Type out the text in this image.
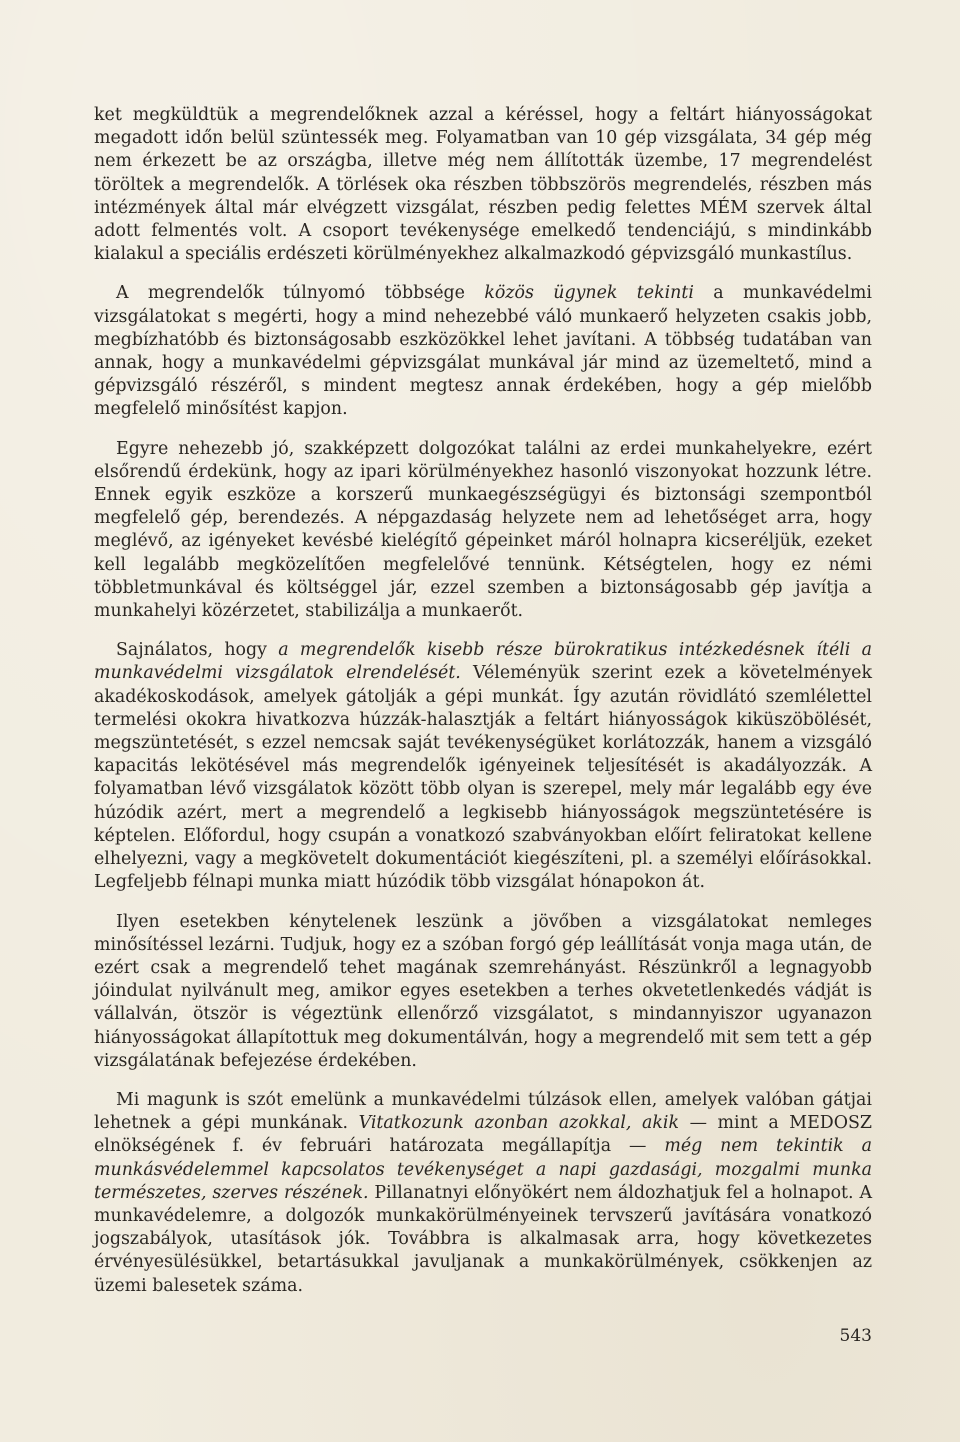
ket megküldtük a megrendelőknek azzal a kéréssel, hogy a feltárt hiányosságokat megadott időn belül szüntessék meg. Folyamatban van 10 gép vizsgálata, 34 gép még nem érkezett be az országba, illetve még nem állították üzembe, 17 megrendelést töröltek a megrendelők. A törlések oka részben többszörös megrendelés, részben más intézmények által már elvégzett vizsgálat, részben pedig felettes MÉM szervek által adott felmentés volt. A csoport tevékenysége emelkedő tendenciájú, s mindinkább kialakul a speciális erdészeti körülményekhez alkalmazkodó gépvizsgáló munkastílus.

A megrendelők túlnyomó többsége közös ügynek tekinti a munkavédelmi vizsgálatokat s megérti, hogy a mind nehezebbé váló munkaerő helyzeten csakis jobb, megbízhatóbb és biztonságosabb eszközökkel lehet javítani. A többség tudatában van annak, hogy a munkavédelmi gépvizsgálat munkával jár mind az üzemeltető, mind a gépvizsgáló részéről, s mindent megtesz annak érdekében, hogy a gép mielőbb megfelelő minősítést kapjon.

Egyre nehezebb jó, szakképzett dolgozókat találni az erdei munkahelyekre, ezért elsőrendű érdekünk, hogy az ipari körülményekhez hasonló viszonyokat hozzunk létre. Ennek egyik eszköze a korszerű munkaegészségügyi és biztonsági szempontból megfelelő gép, berendezés. A népgazdaság helyzete nem ad lehetőséget arra, hogy meglévő, az igényeket kevésbé kielégítő gépeinket máról holnapra kicseréljük, ezeket kell legalább megközelítően megfelelővé tennünk. Kétségtelen, hogy ez némi többletmunkával és költséggel jár, ezzel szemben a biztonságosabb gép javítja a munkahelyi közérzetet, stabilizálja a munkaerőt.

Sajnálatos, hogy a megrendelők kisebb része bürokratikus intézkedésnek ítéli a munkavédelmi vizsgálatok elrendelését. Véleményük szerint ezek a követelmények akadékoskodások, amelyek gátolják a gépi munkát. Így azután rövidlátó szemlélettel termelési okokra hivatkozva húzzák-halasztják a feltárt hiányosságok kiküszöbölését, megszüntetését, s ezzel nemcsak saját tevékenységüket korlátozzák, hanem a vizsgáló kapacitás lekötésével más megrendelők igényeinek teljesítését is akadályozzák. A folyamatban lévő vizsgálatok között több olyan is szerepel, mely már legalább egy éve húzódik azért, mert a megrendelő a legkisebb hiányosságok megszüntetésére is képtelen. Előfordul, hogy csupán a vonatkozó szabványokban előírt feliratokat kellene elhelyezni, vagy a megkövetelt dokumentációt kiegészíteni, pl. a személyi előírásokkal. Legfeljebb félnapi munka miatt húzódik több vizsgálat hónapokon át.

Ilyen esetekben kénytelenek leszünk a jövőben a vizsgálatokat nemleges minősítéssel lezárni. Tudjuk, hogy ez a szóban forgó gép leállítását vonja maga után, de ezért csak a megrendelő tehet magának szemrehányást. Részünkről a legnagyobb jóindulat nyilvánult meg, amikor egyes esetekben a terhes okvetetlenkedés vádját is vállalván, ötször is végeztünk ellenőrző vizsgálatot, s mindannyiszor ugyanazon hiányosságokat állapítottuk meg dokumentálván, hogy a megrendelő mit sem tett a gép vizsgálatának befejezése érdekében.

Mi magunk is szót emelünk a munkavédelmi túlzások ellen, amelyek valóban gátjai lehetnek a gépi munkának. Vitatkozunk azonban azokkal, akik — mint a MEDOSZ elnökségének f. év februári határozata megállapítja — még nem tekintik a munkásvédelemmel kapcsolatos tevékenységet a napi gazdasági, mozgalmi munka természetes, szerves részének. Pillanatnyi előnyökért nem áldozhatjuk fel a holnapot. A munkavédelemre, a dolgozók munkakörülményeinek tervszerű javítására vonatkozó jogszabályok, utasítások jók. Továbbra is alkalmasak arra, hogy következetes érvényesülésükkel, betartásukkal javuljanak a munkakörülmények, csökkenjen az üzemi balesetek száma.

543
